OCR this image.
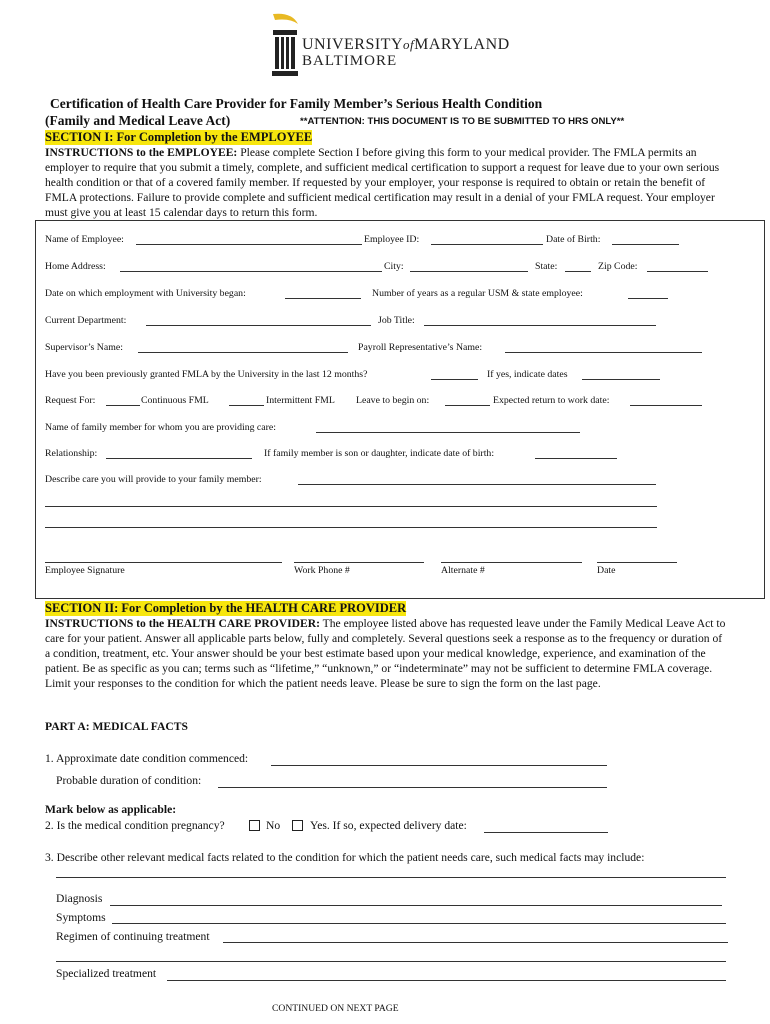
UNIVERSITYofMARYLAND
BALTIMORE
Certification of Health Care Provider for Family Member’s Serious Health Condition
(Family and Medical Leave Act)	**ATTENTION: THIS DOCUMENT IS TO BE SUBMITTED TO HRS ONLY**
SECTION I: For Completion by the EMPLOYEE
INSTRUCTIONS to the EMPLOYEE: Please complete Section I before giving this form to your medical provider. The FMLA permits an employer to require that you submit a timely, complete, and sufficient medical certification to support a request for leave due to your own serious health condition or that of a covered family member. If requested by your employer, your response is required to obtain or retain the benefit of FMLA protections. Failure to provide complete and sufficient medical certification may result in a denial of your FMLA request. Your employer must give you at least 15 calendar days to return this form.
Name of Employee:	Employee ID:	Date of Birth:
Home Address:	City:	State:	Zip Code:
Date on which employment with University began:	Number of years as a regular USM & state employee:
Current Department:	Job Title:
Supervisor’s Name:	Payroll Representative’s Name:
Have you been previously granted FMLA by the University in the last 12 months?	If yes, indicate dates
Request For:	Continuous FML	Intermittent FML Leave to begin on:	Expected return to work date:
Name of family member for whom you are providing care:
Relationship:	If family member is son or daughter, indicate date of birth:
Describe care you will provide to your family member:
Employee Signature	Work Phone #	Alternate #	Date
SECTION II: For Completion by the HEALTH CARE PROVIDER
INSTRUCTIONS to the HEALTH CARE PROVIDER: The employee listed above has requested leave under the Family Medical Leave Act to care for your patient. Answer all applicable parts below, fully and completely. Several questions seek a response as to the frequency or duration of a condition, treatment, etc. Your answer should be your best estimate based upon your medical knowledge, experience, and examination of the patient. Be as specific as you can; terms such as “lifetime,” “unknown,” or “indeterminate” may not be sufficient to determine FMLA coverage. Limit your responses to the condition for which the patient needs leave. Please be sure to sign the form on the last page.
PART A: MEDICAL FACTS
1. Approximate date condition commenced:
Probable duration of condition:
Mark below as applicable:
2. Is the medical condition pregnancy?	No	Yes. If so, expected delivery date:
3. Describe other relevant medical facts related to the condition for which the patient needs care, such medical facts may include:
Diagnosis
Symptoms
Regimen of continuing treatment
Specialized treatment
CONTINUED ON NEXT PAGE
